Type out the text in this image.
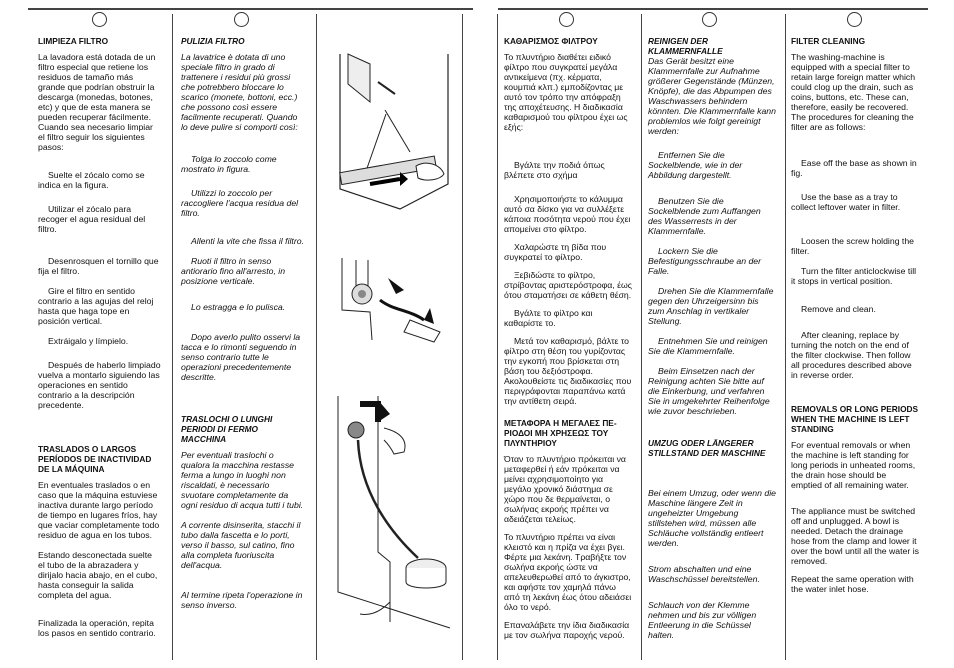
LIMPIEZA FILTRO

La lavadora está dotada de un filtro especial que retiene los residuos de tamaño más grande que podrían obstruir la descarga (monedas, botones, etc) y que de esta manera se pueden recuperar fácilmente. Cuando sea necesario limpiar el filtro seguir los siguientes pasos:

Suelte el zócalo como se indica en la figura.

Utilizar el zócalo para recoger el agua residual del filtro.

Desenrosquen el tornillo que fija el filtro.

Gire el filtro en sentido contrario a las agujas del reloj hasta que haga tope en posición vertical.

Extráigalo y límpielo.

Después de haberlo limpiado vuelva a montarlo siguiendo las operaciones en sentido contrario a la descripción precedente.

TRASLADOS O LARGOS PERÍODOS DE INACTIVIDAD DE LA MÁQUINA

En eventuales traslados o en caso que la máquina estuviese inactiva durante largo período de tiempo en lugares fríos, hay que vaciar completamente todo residuo de agua en los tubos.

Estando desconectada suelte el tubo de la abrazadera y dirijalo hacia abajo, en el cubo, hasta conseguir la salida completa del agua.

Finalizada la operación, repita los pasos en sentido contrario.

PULIZIA FILTRO

La lavatrice è dotata di uno speciale filtro in grado di trattenere i residui più grossi che potrebbero bloccare lo scarico (monete, bottoni, ecc.) che possono così essere facilmente recuperati. Quando lo deve pulire si comporti così:

Tolga lo zoccolo come mostrato in figura.

Utilizzi lo zoccolo per raccogliere l'acqua residua del filtro.

Allenti la vite che fissa il filtro.

Ruoti il filtro in senso antiorario fino all'arresto, in posizione verticale.

Lo estragga e lo pulisca.

Dopo averlo pulito osservi la tacca e lo rimonti seguendo in senso contrario tutte le operazioni precedentemente descritte.

TRASLOCHI O LUNGHI PERIODI DI FERMO MACCHINA

Per eventuali traslochi o qualora la macchina restasse ferma a lungo in luoghi non riscaldati, è necessario svuotare completamente da ogni residuo di acqua tutti i tubi.

A corrente disinserita, stacchi il tubo dalla fascetta e lo porti, verso il basso, sul catino, fino alla completa fuoriuscita dell'acqua.

Al termine ripeta l'operazione in senso inverso.

ΚΑΘΑΡΙΣΜΟΣ ΦΙΛΤΡΟΥ

Το πλυντήριο διαθέτει ειδικό φίλτρο που συγκρατεί μεγάλα αντικείμενα (πχ. κέρματα, κουμπιά κλπ.) εμποδίζοντας με αυτό τον τρόπο την απόφραξη της αποχέτευσης. Η διαδικασία καθαρισμού του φίλτρου έχει ως εξής:

Βγάλτε την ποδιά όπως βλέπετε στο σχήμα

Χρησιμοποιήστε το κάλυμμα αυτό σα δίσκο για να συλλέξετε κάποια ποσότητα νερού που έχει απομείνει στο φίλτρο.

Χαλαρώστε τη βίδα που συγκρατεί το φίλτρο.

Ξεβιδώστε το φίλτρο, στρίβοντας αριστερόστροφα, έως ότου σταματήσει σε κάθετη θέση.

Βγάλτε το φίλτρο και καθαρίστε το.

Μετά τον καθαρισμό, βάλτε το φίλτρο στη θέση του γυρίζοντας την εγκοπή που βρίσκεται στη βάση του δεξιόστροφα. Ακολουθείστε τις διαδικασίες που περιγράφονται παραπάνω κατά την αντίθετη σειρά.

ΜΕΤΑΦΟΡΑ Η ΜΕΓΑΛΕΣ ΠΕ-ΡΙΟΔΟΙ ΜΗ ΧΡΗΣΕΩΣ ΤΟΥ ΠΛΥΝΤΗΡΙΟΥ

Όταν το πλυντήριο πρόκειται να μεταφερθεί ή εάν πρόκειται να μείνει αχρησιμοποίητο για μεγάλο χρονικό διάστημα σε χώρο που δε θερμαίνεται, ο σωλήνας εκροής πρέπει να αδειάζεται τελείως.

Το πλυντήριο πρέπει να είναι κλειστό και η πρίζα να έχει βγει. Φέρτε μια λεκάνη. Τραβήξτε τον σωλήνα εκροής ώστε να απελευθερωθεί από το άγκιστρο, και αφήστε τον χαμηλά πάνω από τη λεκάνη έως ότου αδειάσει όλο το νερό.

Επαναλάβετε την ίδια διαδικασία με τον σωλήνα παροχής νερού.

REINIGEN DER KLAMMERNFALLE

Das Gerät besitzt eine Klammernfalle zur Aufnahme größerer Gegenstände (Münzen, Knöpfe), die das Abpumpen des Waschwassers behindern könnten. Die Klammernfalle kann problemlos wie folgt gereinigt werden:

Entfernen Sie die Sockelblende, wie in der Abbildung dargestellt.

Benutzen Sie die Sockelblende zum Auffangen des Wasserrests in der Klammernfalle.

Lockern Sie die Befestigungsschraube an der Falle.

Drehen Sie die Klammernfalle gegen den Uhrzeigersinn bis zum Anschlag in vertikaler Stellung.

Entnehmen Sie und reinigen Sie die Klammernfalle.

Beim Einsetzen nach der Reinigung achten Sie bitte auf die Einkerbung, und verfahren Sie in umgekehrter Reihenfolge wie zuvor beschrieben.

UMZUG ODER LÄNGERER STILLSTAND DER MASCHINE

Bei einem Umzug, oder wenn die Maschine längere Zeit in ungeheizter Umgebung stillstehen wird, müssen alle Schläuche vollständig entleert werden.

Strom abschalten und eine Waschschüssel bereitstellen.

Schlauch von der Klemme nehmen und bis zur völligen Entleerung in die Schüssel halten.

FILTER CLEANING

The washing-machine is equipped with a special filter to retain large foreign matter which could clog up the drain, such as coins, buttons, etc. These can, therefore, easily be recovered. The procedures for cleaning the filter are as follows:

Ease off the base as shown in fig.

Use the base as a tray to collect leftover water in filter.

Loosen the screw holding the filter.

Turn the filter anticlockwise till it stops in vertical position.

Remove and clean.

After cleaning, replace by turning the notch on the end of the filter clockwise. Then follow all procedures described above in reverse order.

REMOVALS OR LONG PERIODS WHEN THE MACHINE IS LEFT STANDING

For eventual removals or when the machine is left standing for long periods in unheated rooms, the drain hose should be emptied of all remaining water.

The appliance must be switched off and unplugged. A bowl is needed. Detach the drainage hose from the clamp and lower it over the bowl until all the water is removed.

Repeat the same operation with the water inlet hose.
